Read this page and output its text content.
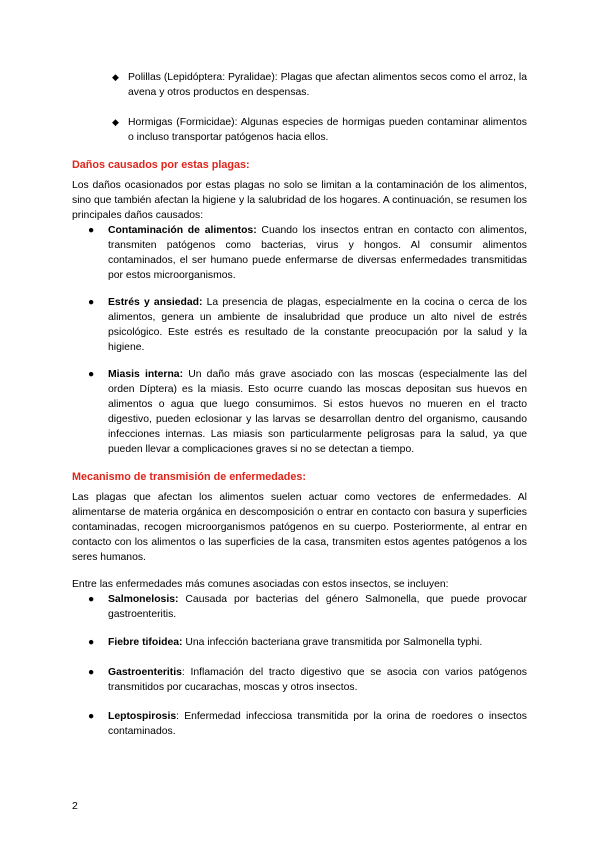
◆ Polillas (Lepidóptera: Pyralidae): Plagas que afectan alimentos secos como el arroz, la avena y otros productos en despensas.
◆ Hormigas (Formicidae): Algunas especies de hormigas pueden contaminar alimentos o incluso transportar patógenos hacia ellos.
Daños causados por estas plagas:

Los daños ocasionados por estas plagas no solo se limitan a la contaminación de los alimentos, sino que también afectan la higiene y la salubridad de los hogares. A continuación, se resumen los principales daños causados:

● Contaminación de alimentos: Cuando los insectos entran en contacto con alimentos, transmiten patógenos como bacterias, virus y hongos. Al consumir alimentos contaminados, el ser humano puede enfermarse de diversas enfermedades transmitidas por estos microorganismos.
● Estrés y ansiedad: La presencia de plagas, especialmente en la cocina o cerca de los alimentos, genera un ambiente de insalubridad que produce un alto nivel de estrés psicológico. Este estrés es resultado de la constante preocupación por la salud y la higiene.
● Miasis interna: Un daño más grave asociado con las moscas (especialmente las del orden Díptera) es la miasis. Esto ocurre cuando las moscas depositan sus huevos en alimentos o agua que luego consumimos. Si estos huevos no mueren en el tracto digestivo, pueden eclosionar y las larvas se desarrollan dentro del organismo, causando infecciones internas. Las miasis son particularmente peligrosas para la salud, ya que pueden llevar a complicaciones graves si no se detectan a tiempo.
Mecanismo de transmisión de enfermedades:

Las plagas que afectan los alimentos suelen actuar como vectores de enfermedades. Al alimentarse de materia orgánica en descomposición o entrar en contacto con basura y superficies contaminadas, recogen microorganismos patógenos en su cuerpo. Posteriormente, al entrar en contacto con los alimentos o las superficies de la casa, transmiten estos agentes patógenos a los seres humanos.

Entre las enfermedades más comunes asociadas con estos insectos, se incluyen:

● Salmonelosis: Causada por bacterias del género Salmonella, que puede provocar gastroenteritis.
● Fiebre tifoidea: Una infección bacteriana grave transmitida por Salmonella typhi.
● Gastroenteritis: Inflamación del tracto digestivo que se asocia con varios patógenos transmitidos por cucarachas, moscas y otros insectos.
● Leptospirosis: Enfermedad infecciosa transmitida por la orina de roedores o insectos contaminados.
2
